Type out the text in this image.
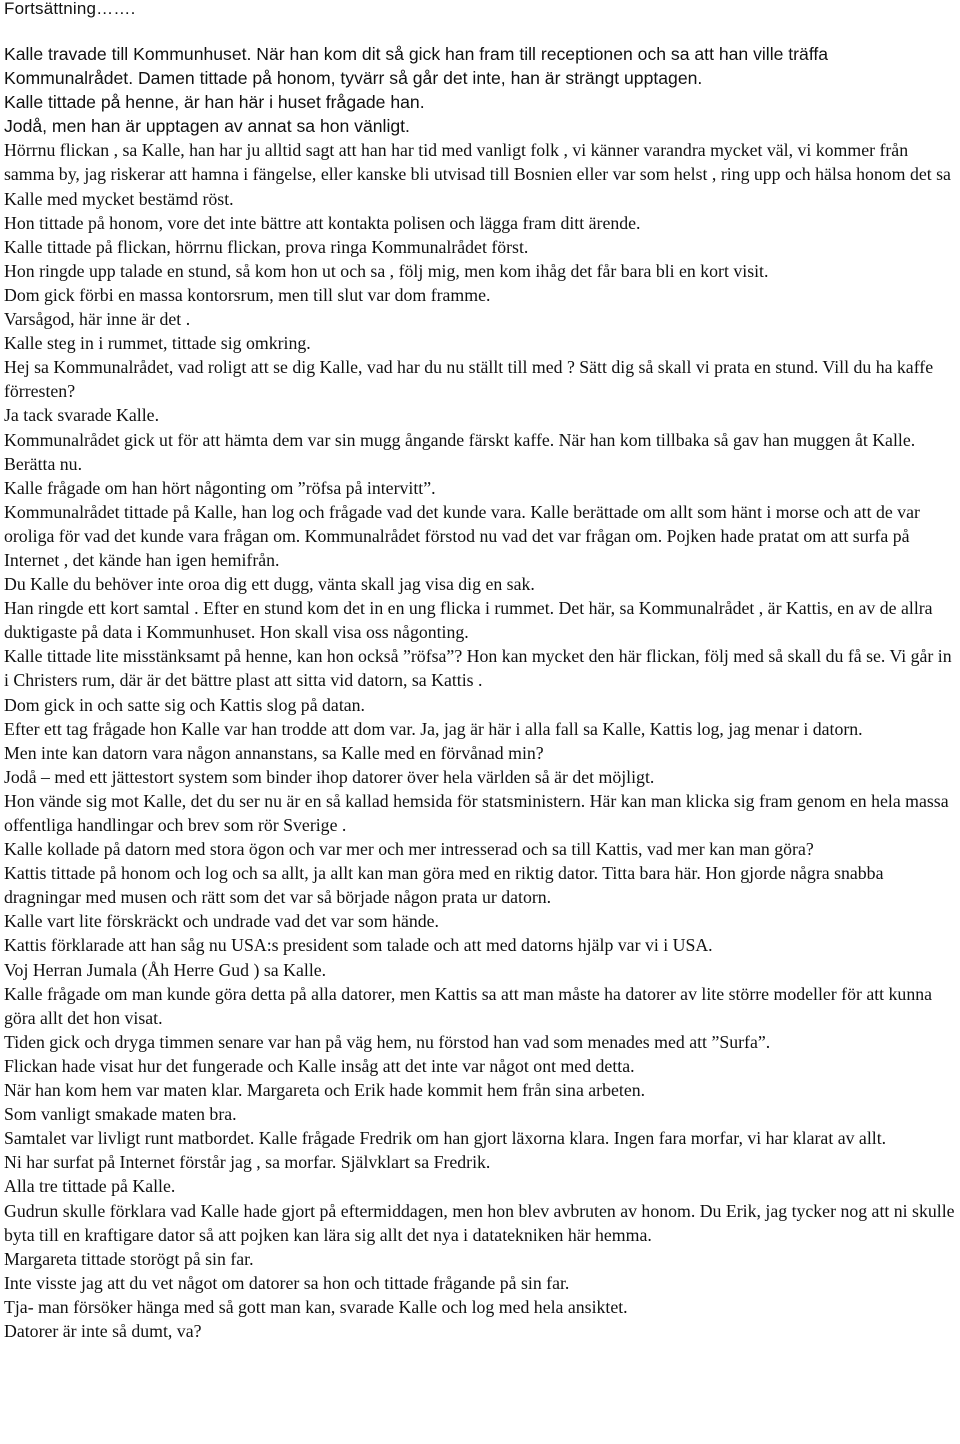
Fortsättning…….

Kalle travade till Kommunhuset. När han kom dit så gick han fram till receptionen och sa att han ville träffa Kommunalrådet. Damen tittade på honom, tyvärr så går det inte, han är strängt upptagen.

Kalle tittade på henne, är han här i huset frågade han.

Jodå, men han är upptagen av annat sa hon vänligt.

Hörrnu flickan , sa Kalle, han har ju alltid sagt att han har tid med vanligt folk , vi känner varandra mycket väl, vi kommer från samma by, jag riskerar att hamna i fängelse, eller kanske bli utvisad till Bosnien eller var som helst , ring upp och hälsa honom det sa Kalle med mycket bestämd röst.

Hon tittade på honom, vore det inte bättre att kontakta polisen och lägga fram ditt ärende.

Kalle tittade på flickan, hörrnu flickan, prova ringa Kommunalrådet först.

Hon ringde upp talade en stund, så kom hon ut och sa , följ mig, men kom ihåg det får bara bli en kort visit.

Dom gick förbi en massa kontorsrum, men till slut var dom framme.

Varsågod, här inne är det .

Kalle steg in i rummet, tittade sig omkring.

Hej sa Kommunalrådet, vad roligt att se dig Kalle, vad har du nu ställt till med ? Sätt dig så skall vi prata en stund. Vill du ha kaffe förresten?

Ja tack svarade Kalle.

Kommunalrådet gick ut för att hämta dem var sin mugg ångande färskt kaffe. När han kom tillbaka så gav han muggen åt Kalle.

Berätta nu.

Kalle frågade om han hört någonting om ”röfsa på intervitt”.

Kommunalrådet tittade på Kalle, han log och frågade vad det kunde vara. Kalle berättade om allt som hänt i morse och att de var oroliga för vad det kunde vara frågan om. Kommunalrådet förstod nu vad det var frågan om. Pojken hade pratat om att surfa på Internet , det kände han igen hemifrån.

Du Kalle du behöver inte oroa dig ett dugg, vänta skall jag visa dig en sak.

Han ringde ett kort samtal . Efter en stund kom det in en ung flicka i rummet. Det här, sa Kommunalrådet , är Kattis, en av de allra duktigaste på data i Kommunhuset. Hon skall visa oss någonting.

Kalle tittade lite misstänksamt på henne, kan hon också ”röfsa”? Hon kan mycket den här flickan, följ med så skall du få se. Vi går in i Christers rum, där är det bättre plast att sitta vid datorn, sa Kattis .

Dom gick in och satte sig och Kattis slog på datan.

Efter ett tag frågade hon Kalle var han trodde att dom var. Ja, jag är här i alla fall sa Kalle, Kattis log, jag menar i datorn.

Men inte kan datorn vara någon annanstans, sa Kalle med en förvånad min?

Jodå – med ett jättestort system som binder ihop datorer över hela världen så är det möjligt.

Hon vände sig mot Kalle, det du ser nu är en så kallad hemsida för statsministern. Här kan man klicka sig fram genom en hela massa offentliga handlingar och brev som rör Sverige .

Kalle kollade på datorn med stora ögon och var mer och mer intresserad och sa till Kattis, vad mer kan man göra?

Kattis tittade på honom och log och sa allt, ja allt kan man göra med en riktig dator. Titta bara här. Hon gjorde några snabba dragningar med musen och rätt som det var så började någon prata ur datorn.

Kalle vart lite förskräckt och undrade vad det var som hände.

Kattis förklarade att han såg nu USA:s president som talade och att med datorns hjälp var vi i USA.

Voj Herran Jumala (Åh Herre Gud ) sa Kalle.

Kalle frågade om man kunde göra detta på alla datorer, men Kattis sa att man måste ha datorer av lite större modeller för att kunna göra allt det hon visat.

Tiden gick och dryga timmen senare var han på väg hem, nu förstod han vad som menades med att ”Surfa”.

Flickan hade visat hur det fungerade och Kalle insåg att det inte var något ont med detta.

När han kom hem var maten klar. Margareta och Erik hade kommit hem från sina arbeten.

Som vanligt smakade maten bra.

Samtalet var livligt runt matbordet. Kalle frågade Fredrik om han gjort läxorna klara. Ingen fara morfar, vi har klarat av allt.

Ni har surfat på Internet förstår jag , sa morfar. Självklart sa Fredrik.

Alla tre tittade på Kalle.

Gudrun skulle förklara vad Kalle hade gjort på eftermiddagen, men hon blev avbruten av honom. Du Erik, jag tycker nog att ni skulle byta till en kraftigare dator så att pojken kan lära sig allt det nya i datatekniken här hemma.

Margareta tittade storögt på sin far.

Inte visste jag att du vet något om datorer sa hon och tittade frågande på sin far.

Tja- man försöker hänga med så gott man kan, svarade Kalle och log med hela ansiktet.

Datorer är inte så dumt, va?
